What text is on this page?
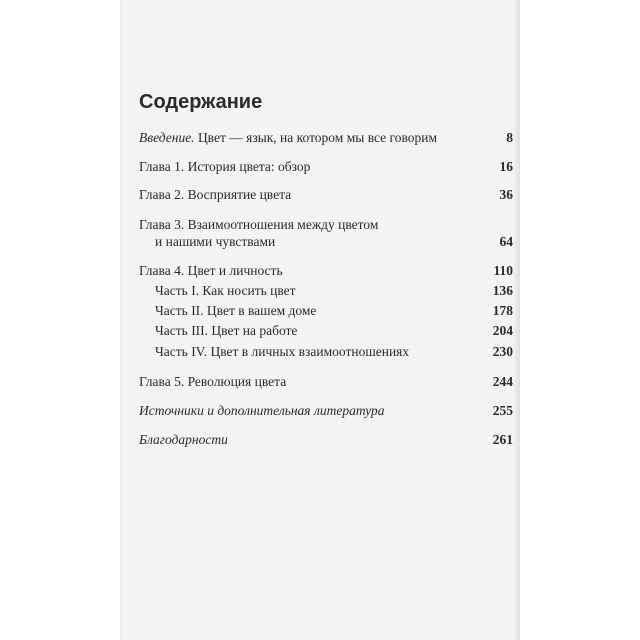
Содержание
Введение. Цвет — язык, на котором мы все говорим	8
Глава 1. История цвета: обзор	16
Глава 2. Восприятие цвета	36
Глава 3. Взаимоотношения между цветом
и нашими чувствами	64
Глава 4. Цвет и личность	110
Часть I. Как носить цвет	136
Часть II. Цвет в вашем доме	178
Часть III. Цвет на работе	204
Часть IV. Цвет в личных взаимоотношениях	230
Глава 5. Революция цвета	244
Источники и дополнительная литература	255
Благодарности	261
